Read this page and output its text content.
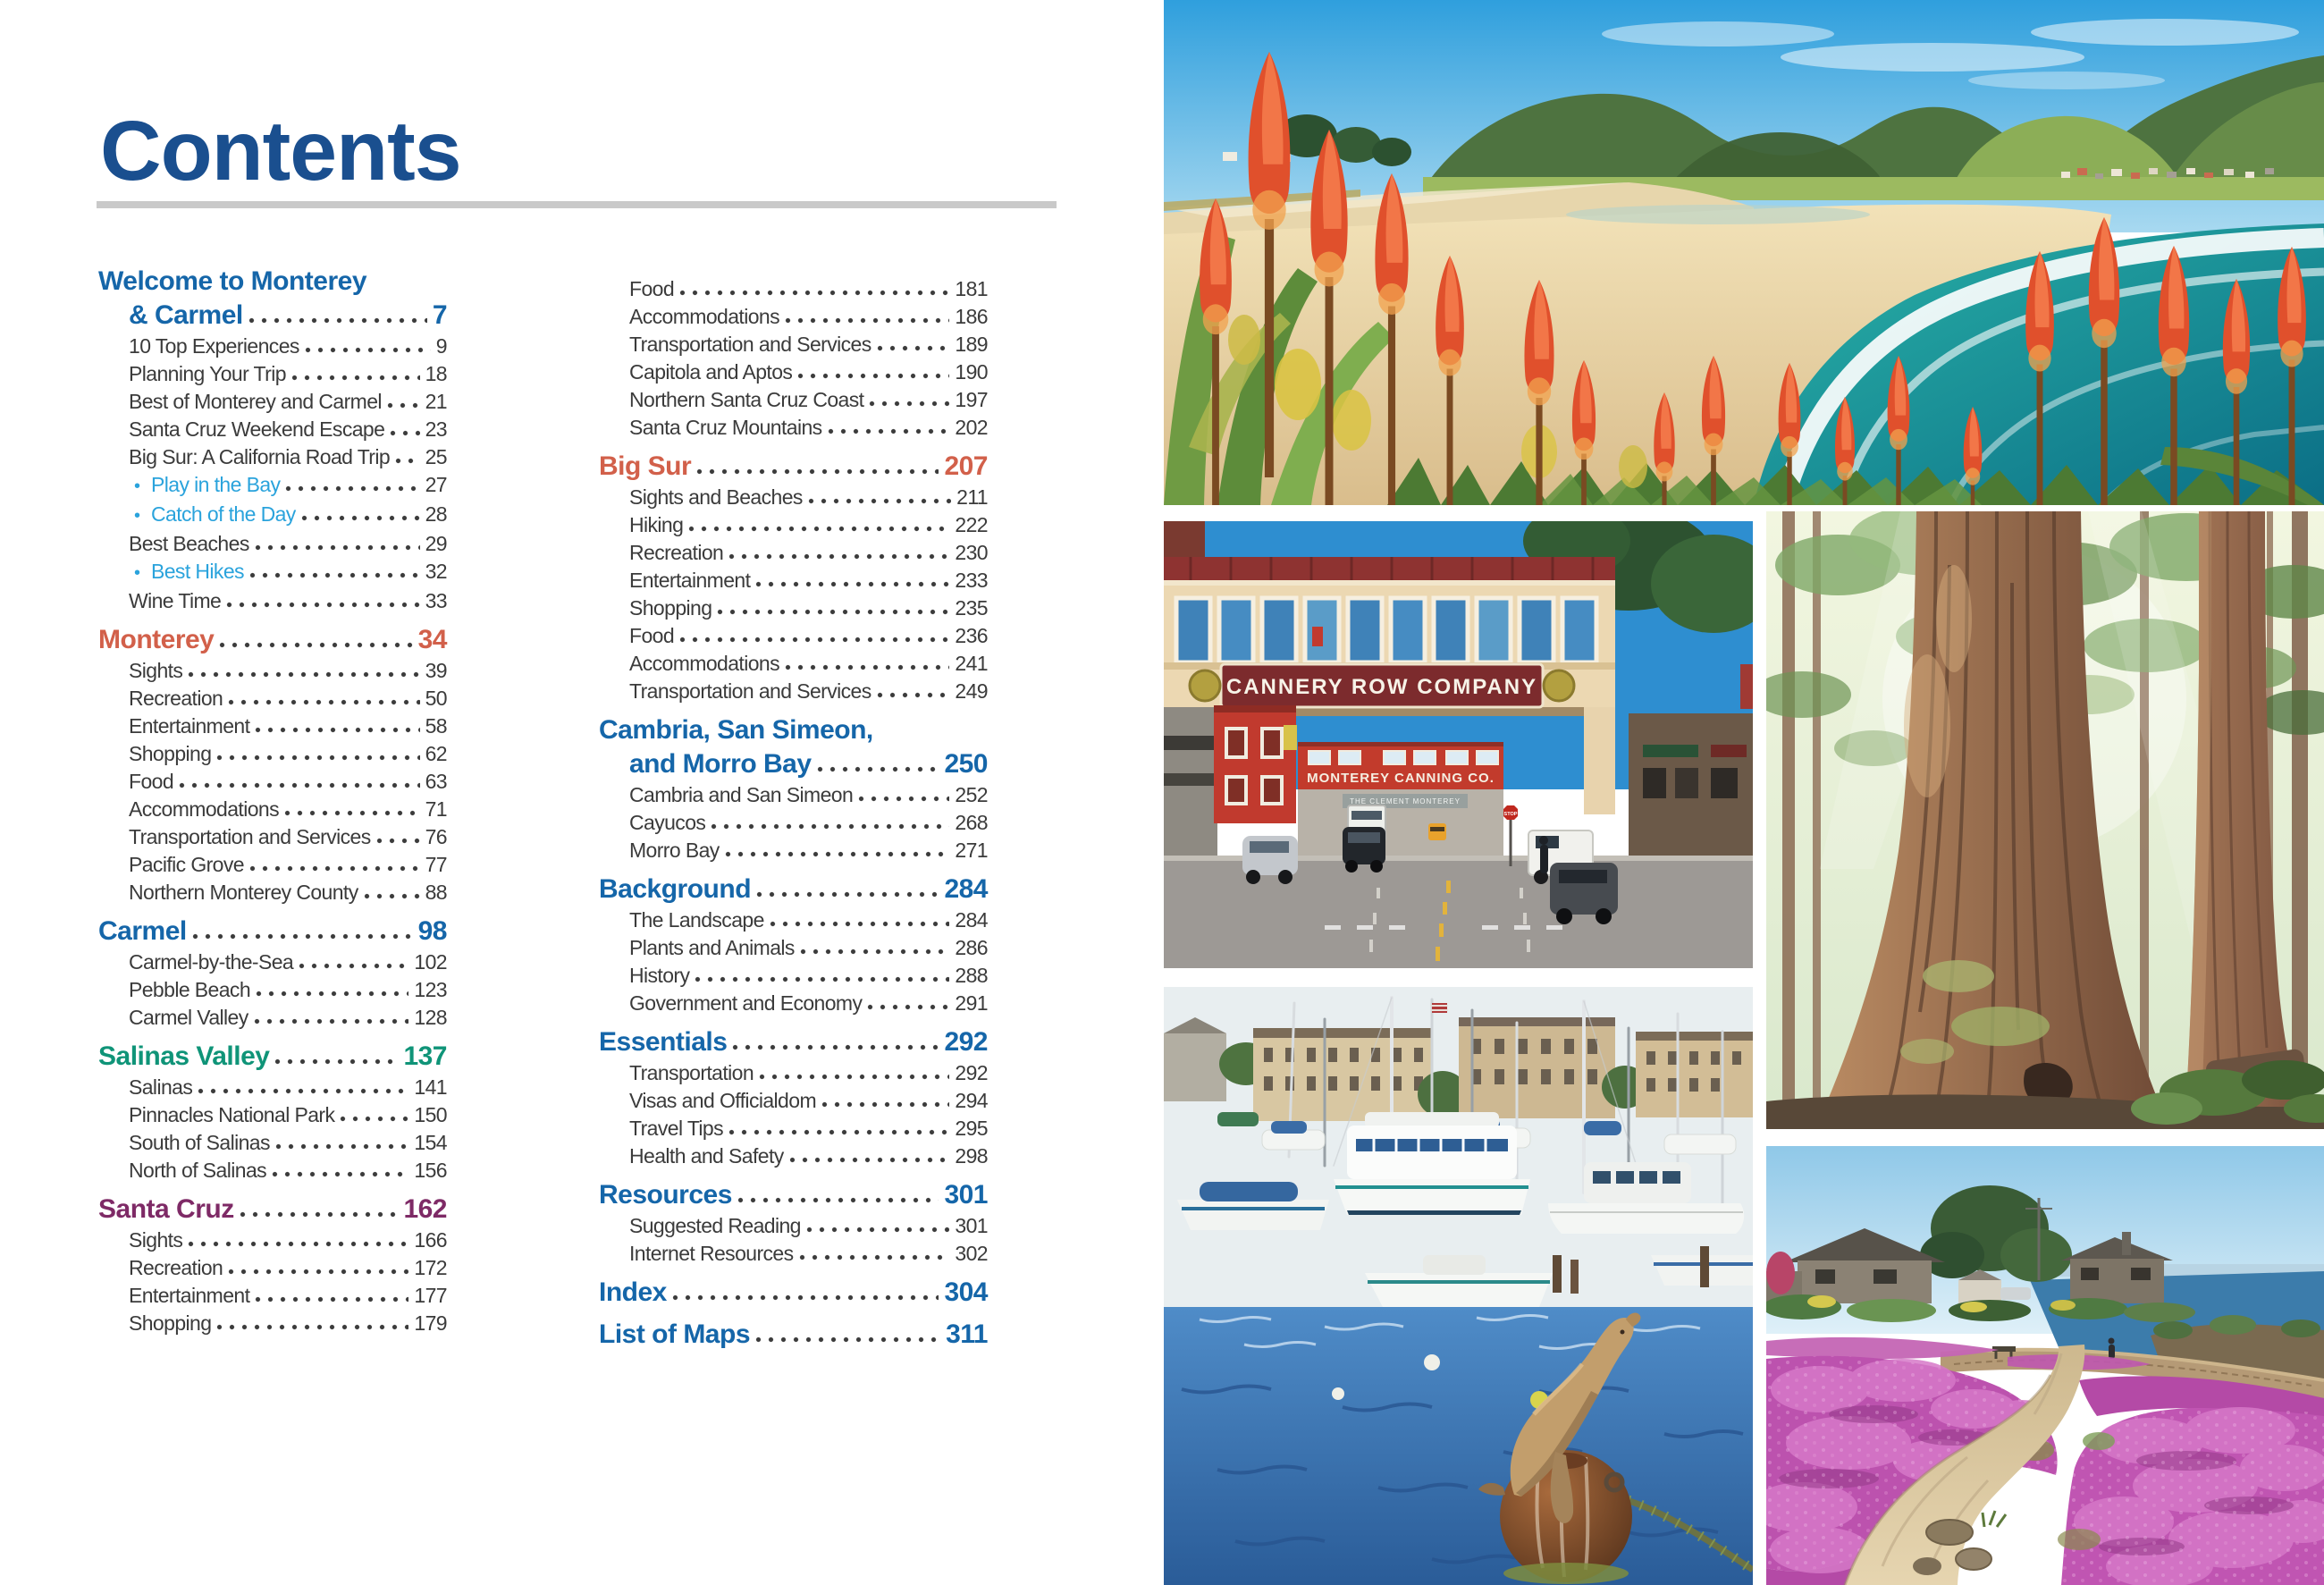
Contents
Welcome to Monterey
& Carmel	7
10 Top Experiences	9
Planning Your Trip	18
Best of Monterey and Carmel 21
Santa Cruz Weekend Escape 23
Big Sur: A California Road Trip 25
• Play in the Bay	27
• Catch of the Day	28
Best Beaches	29
• Best Hikes	32
Wine Time	33
Monterey	34
Sights	39
Recreation	50
Entertainment	58
Shopping	62
Food	63
Accommodations	71
Transportation and Services	76
Pacific Grove	77
Northern Monterey County	88
Carmel	98
Carmel-by-the-Sea	102
Pebble Beach	123
Carmel Valley	128
Salinas Valley	137
Salinas	141
Pinnacles National Park	150
South of Salinas	154
North of Salinas	156
Santa Cruz	162
Sights	166
Recreation	172
Entertainment	177
Shopping	179
Food	181
Accommodations	186
Transportation and Services	189
Capitola and Aptos	190
Northern Santa Cruz Coast	197
Santa Cruz Mountains	202
Big Sur	207
Sights and Beaches	211
Hiking	222
Recreation	230
Entertainment	233
Shopping	235
Food	236
Accommodations	241
Transportation and Services	249
Cambria, San Simeon,
and Morro Bay	250
Cambria and San Simeon	252
Cayucos	268
Morro Bay	271
Background	284
The Landscape	284
Plants and Animals	286
History	288
Government and Economy	291
Essentials	292
Transportation	292
Visas and Officialdom	294
Travel Tips	295
Health and Safety	298
Resources	301
Suggested Reading	301
Internet Resources	302
Index	304
List of Maps	311
CANNERY ROW COMPANY
MONTEREY CANNING CO.
THE CLEMENT MONTEREY
STOP
